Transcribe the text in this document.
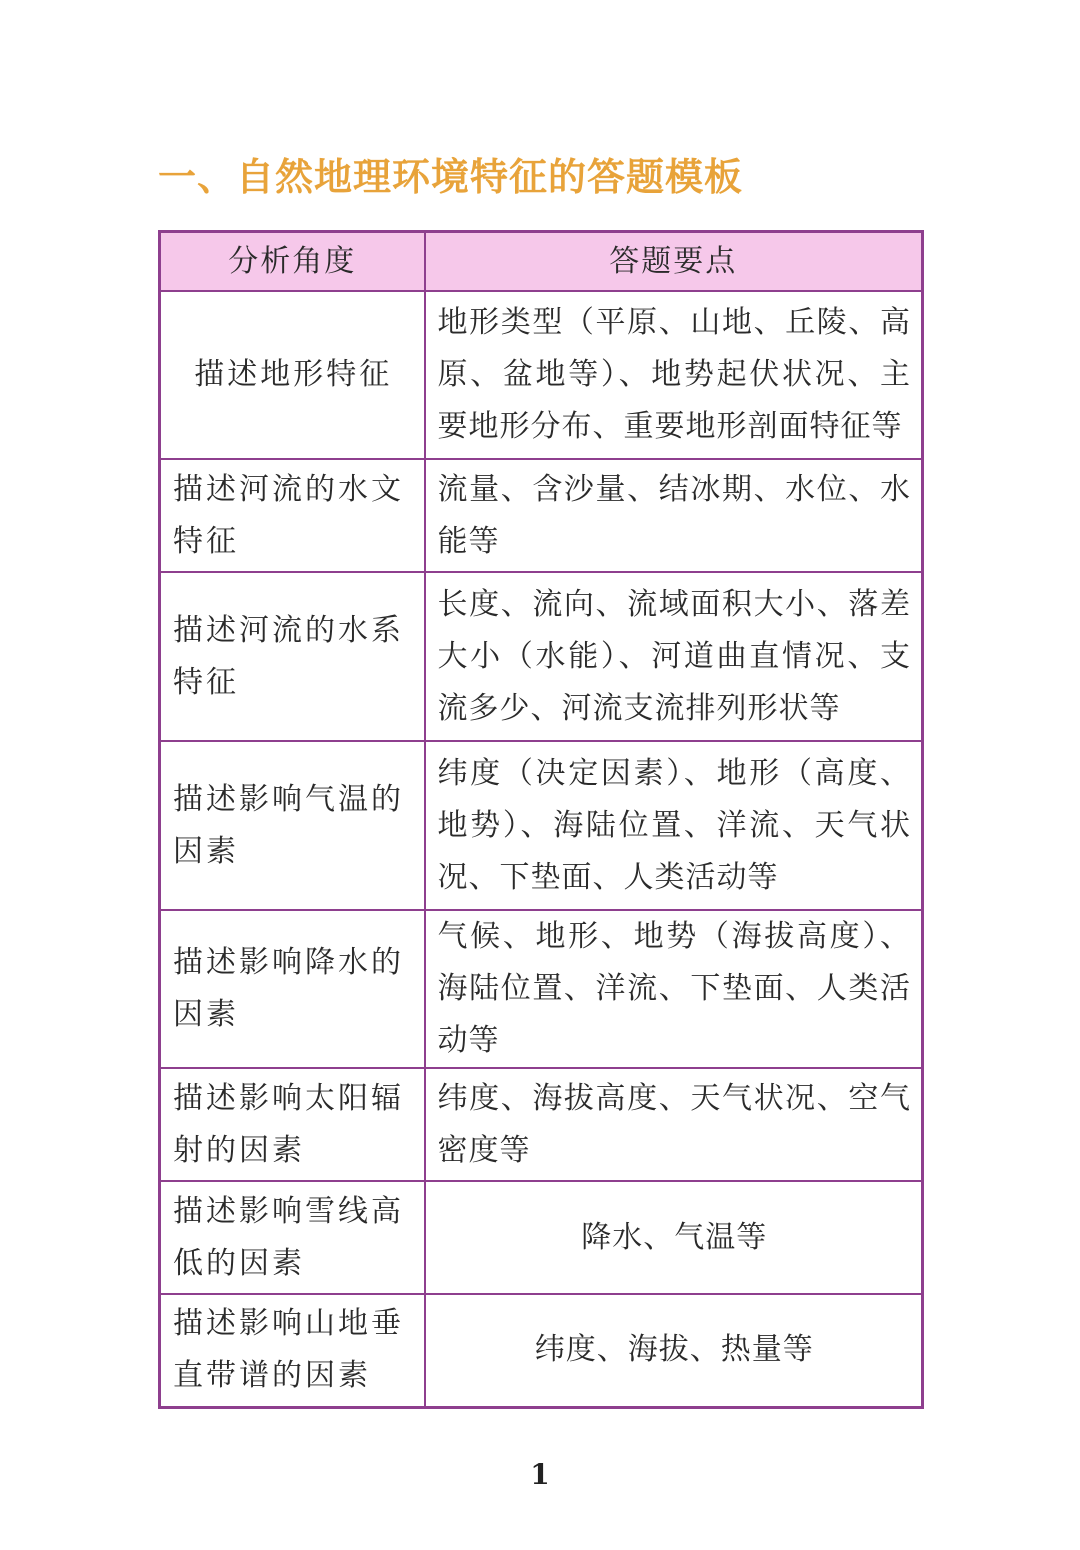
一、自然地理环境特征的答题模板
分析角度	答题要点
描述地形特征	地形类型（平原、山地、丘陵、高原、盆地等）、地势起伏状况、主要地形分布、重要地形剖面特征等
描述河流的水文特征	流量、含沙量、结冰期、水位、水能等
描述河流的水系特征	长度、流向、流域面积大小、落差大小（水能）、河道曲直情况、支流多少、河流支流排列形状等
描述影响气温的因素	纬度（决定因素）、地形（高度、地势）、海陆位置、洋流、天气状况、下垫面、人类活动等
描述影响降水的因素	气候、地形、地势（海拔高度）、海陆位置、洋流、下垫面、人类活动等
描述影响太阳辐射的因素	纬度、海拔高度、天气状况、空气密度等
描述影响雪线高低的因素	降水、气温等
描述影响山地垂直带谱的因素	纬度、海拔、热量等
1
